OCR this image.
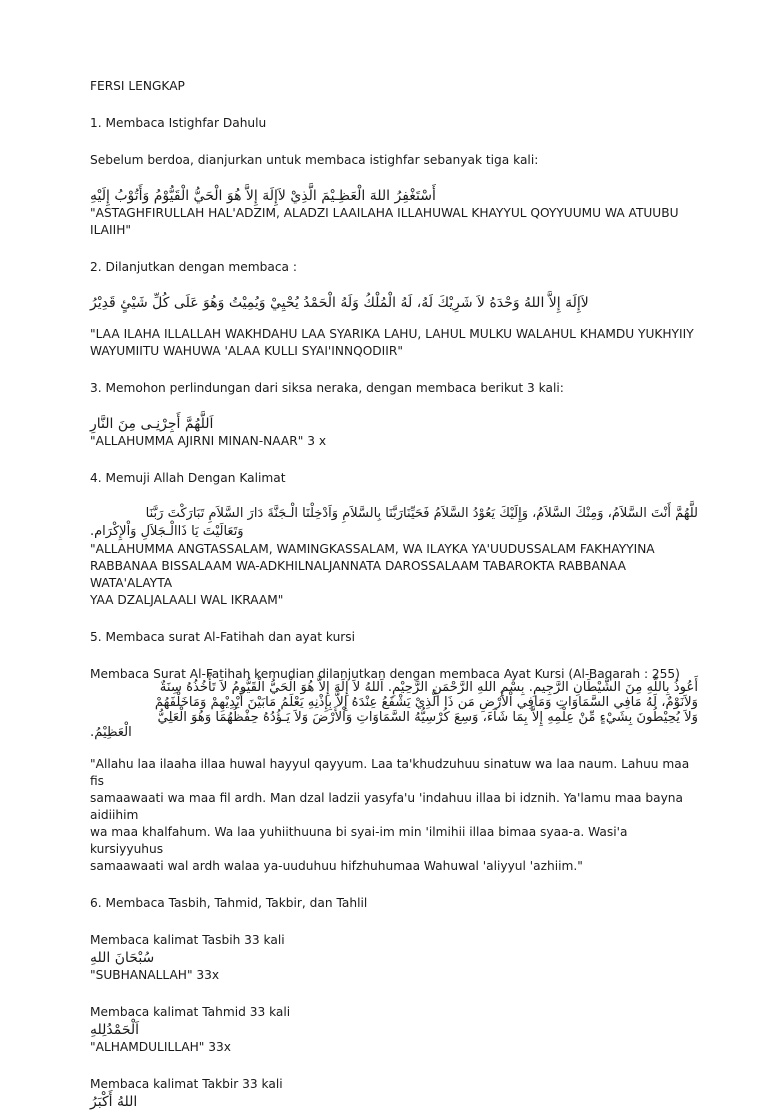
FERSI LENGKAP

1. Membaca Istighfar Dahulu

Sebelum berdoa, dianjurkan untuk membaca istighfar sebanyak tiga kali:

أَسْتَغْفِرُ اللهَ الْعَظِـيْمَ الَّذِيْ لاَإِلَهَ إِلاَّ هُوَ الْحَيُّ الْقَيُّوْمُ وَأَتُوْبُ إِلَيْهِ
"ASTAGHFIRULLAH HAL'ADZIM, ALADZI LAAILAHA ILLAHUWAL KHAYYUL QOYYUUMU WA ATUUBU
ILAIIH"

2. Dilanjutkan dengan membaca :

لاَإِلَهَ إِلاَّ اللهُ وَحْدَهُ لاَ شَرِيْكَ لَهُ، لَهُ الْمُلْكُ وَلَهُ الْحَمْدُ يُحْيِيْ وَيُمِيْتُ وَهُوَ عَلَى كُلِّ شَيْئٍ قَدِيْرُ
"LAA ILAHA ILLALLAH WAKHDAHU LAA SYARIKA LAHU, LAHUL MULKU WALAHUL KHAMDU YUKHYIIY
WAYUMIITU WAHUWA 'ALAA KULLI SYAI'INNQODIIR"

3. Memohon perlindungan dari siksa neraka, dengan membaca berikut 3 kali:

اَللَّهُمَّ أَجِرْنِـى مِنَ النَّارِ
"ALLAHUMMA AJIRNI MINAN-NAAR" 3 x

4. Memuji Allah Dengan Kalimat

للَّهُمَّ أَنْتَ السَّلاَمُ، وَمِنْكَ السَّلاَمُ، وَإِلَيْكَ يَعُوْدُ السَّلاَمُ فَحَيِّنَارَبَّنَا بِالسَّلاَمِ وَاَدْخِلْنَا الْـجَنَّةَ دَارَ السَّلاَمِ تَبَارَكْتَ رَبَّنَا
وَتَعَالَيْتَ يَا ذَاالْـجَلاَلِ وَاْلإِكْرَام.
"ALLAHUMMA ANGTASSALAM, WAMINGKASSALAM, WA ILAYKA YA'UUDUSSALAM FAKHAYYINA
RABBANAA BISSALAAM WA-ADKHILNALJANNATA DAROSSALAAM TABAROKTA RABBANAA WATA'ALAYTA
YAA DZALJALAALI WAL IKRAAM"

5. Membaca surat Al-Fatihah dan ayat kursi

Membaca Surat Al-Fatihah kemudian dilanjutkan dengan membaca Ayat Kursi (Al-Baqarah : 255)
أَعُوذُ بِاللَّهِ مِنَ الشَّيْطَانِ الرَّجِيمِ. بِسْمِ اللهِ الرَّحْمَنِ الرَّحِيْمِ. اَللهُ لاَ إِلَهَ إِلاَّ هُوَ الْحَيُّ الْقَيُّومُ لاَ تَأْخُذُهُ سِنَةٌ
وَلاَنَوْمٌ، لَهُ مَافِي السَّمَاوَاتِ وَمَافِي اْلأَرْضِ مَن ذَا الَّذِيْ يَشْفَعُ عِنْدَهُ إِلاَّ بِإِذْنِهِ يَعْلَمُ مَابَيْنَ أَيْدِيْهِمْ وَمَاخَلْفَهُمْ
وَلاَ يُحِيْطُونَ بِشَيْءٍ مِّنْ عِلْمِهِ إِلاَّ بِمَا شَآءَ، وَسِعَ كُرْسِيُّهُ السَّمَاوَاتِ وَاْلأَرْضَ وَلاَ يَـؤُدُهُ حِفْظُهُمَا وَهُوَ الْعَلِيُّ
الْعَظِيْمُ.
"Allahu laa ilaaha illaa huwal hayyul qayyum. Laa ta'khudzuhuu sinatuw wa laa naum. Lahuu maa fis
samaawaati wa maa fil ardh. Man dzal ladzii yasyfa'u 'indahuu illaa bi idznih. Ya'lamu maa bayna aidiihim
wa maa khalfahum. Wa laa yuhiithuuna bi syai-im min 'ilmihii illaa bimaa syaa-a. Wasi'a kursiyyuhus
samaawaati wal ardh walaa ya-uuduhuu hifzhuhumaa Wahuwal 'aliyyul 'azhiim."

6. Membaca Tasbih, Tahmid, Takbir, dan Tahlil

Membaca kalimat Tasbih 33 kali
سُبْحَانَ اللهِ
"SUBHANALLAH" 33x
Membaca kalimat Tahmid 33 kali
اَلْحَمْدُلِلهِ
"ALHAMDULILLAH" 33x
Membaca kalimat Takbir 33 kali
اللهُ أَكْبَرُ
